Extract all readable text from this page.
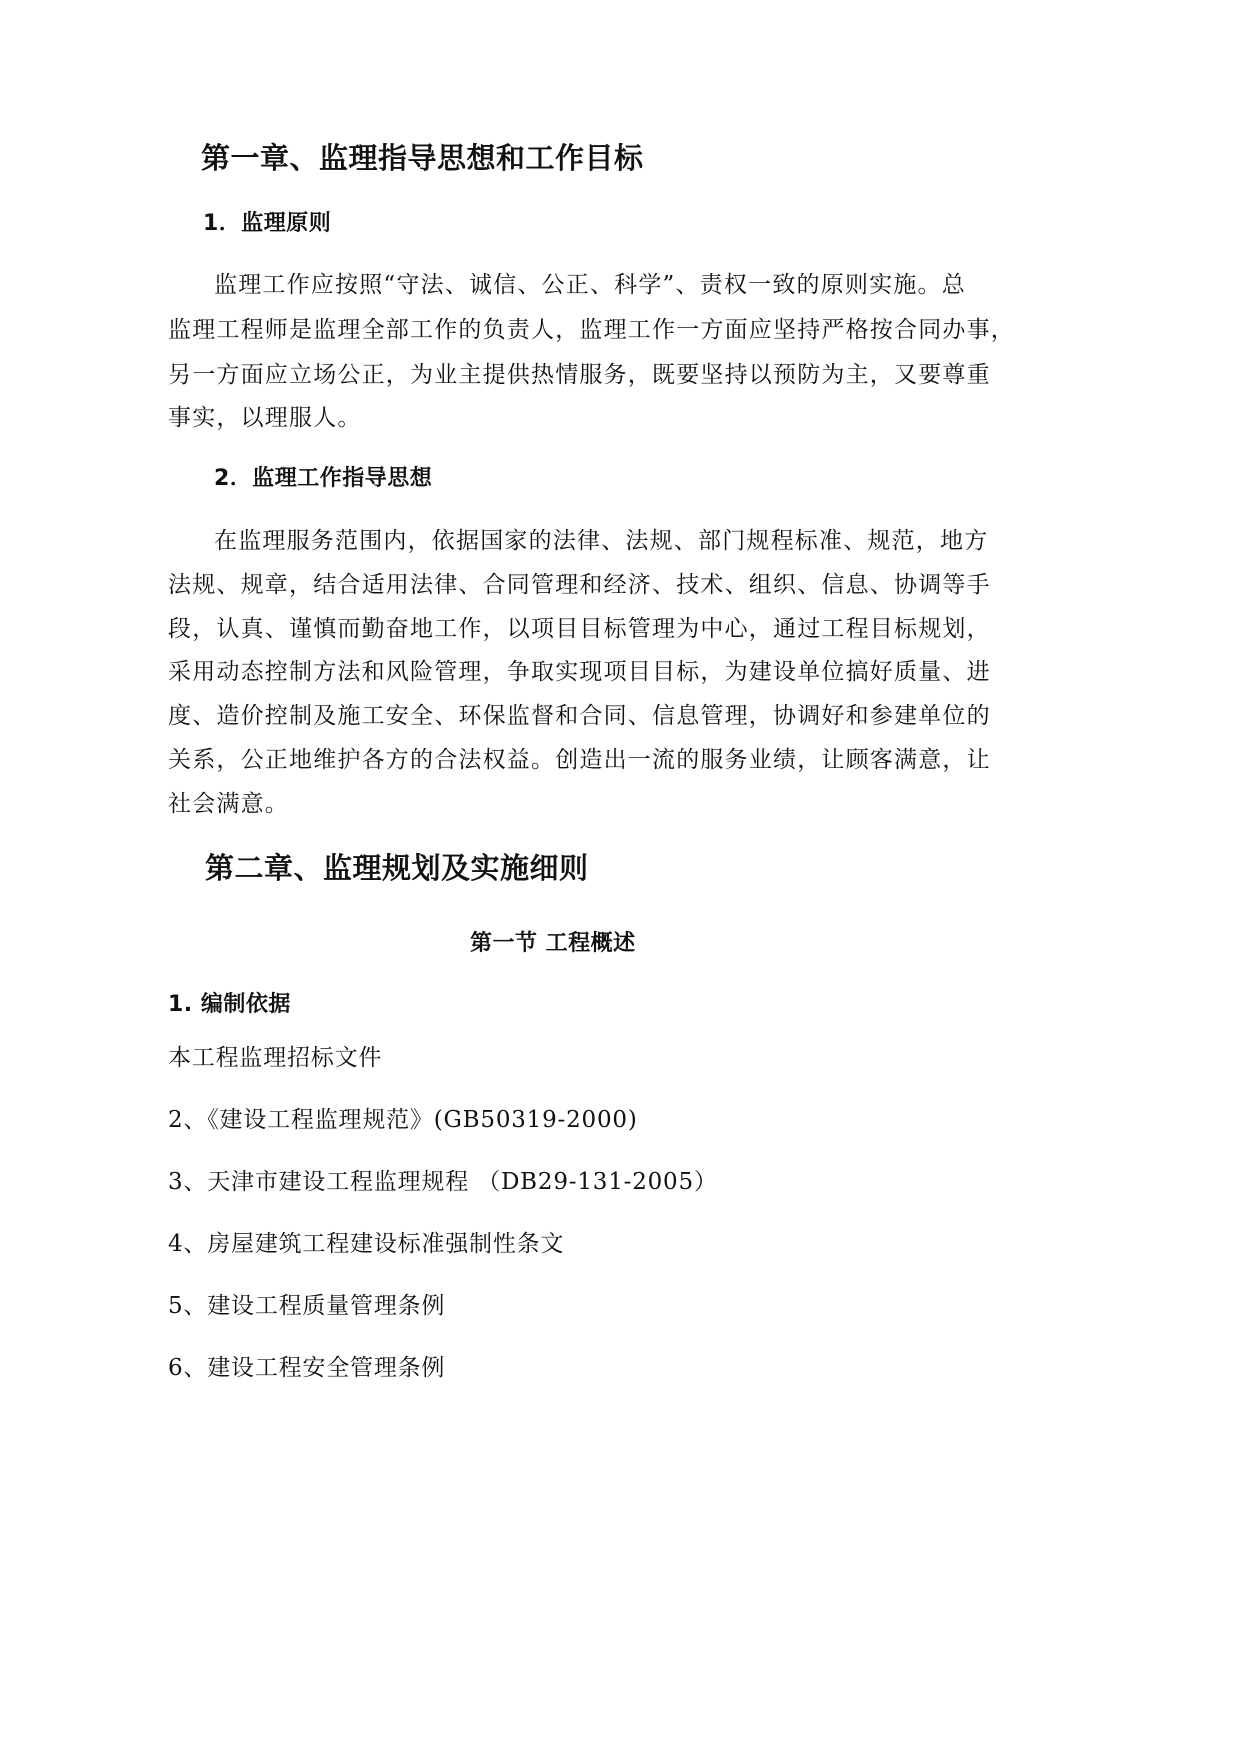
第一章、监理指导思想和工作目标
1．监理原则
监理工作应按照“守法、诚信、公正、科学”、责权一致的原则实施。总
监理工程师是监理全部工作的负责人，监理工作一方面应坚持严格按合同办事，
另一方面应立场公正，为业主提供热情服务，既要坚持以预防为主，又要尊重
事实，以理服人。
2．监理工作指导思想
在监理服务范围内，依据国家的法律、法规、部门规程标准、规范，地方
法规、规章，结合适用法律、合同管理和经济、技术、组织、信息、协调等手
段，认真、谨慎而勤奋地工作，以项目目标管理为中心，通过工程目标规划，
采用动态控制方法和风险管理，争取实现项目目标，为建设单位搞好质量、进
度、造价控制及施工安全、环保监督和合同、信息管理，协调好和参建单位的
关系，公正地维护各方的合法权益。创造出一流的服务业绩，让顾客满意，让
社会满意。
第二章、监理规划及实施细则
第一节 工程概述
1. 编制依据
本工程监理招标文件
2、《建设工程监理规范》(GB50319-2000)
3、天津市建设工程监理规程 （DB29-131-2005）
4、房屋建筑工程建设标准强制性条文
5、建设工程质量管理条例
6、建设工程安全管理条例
